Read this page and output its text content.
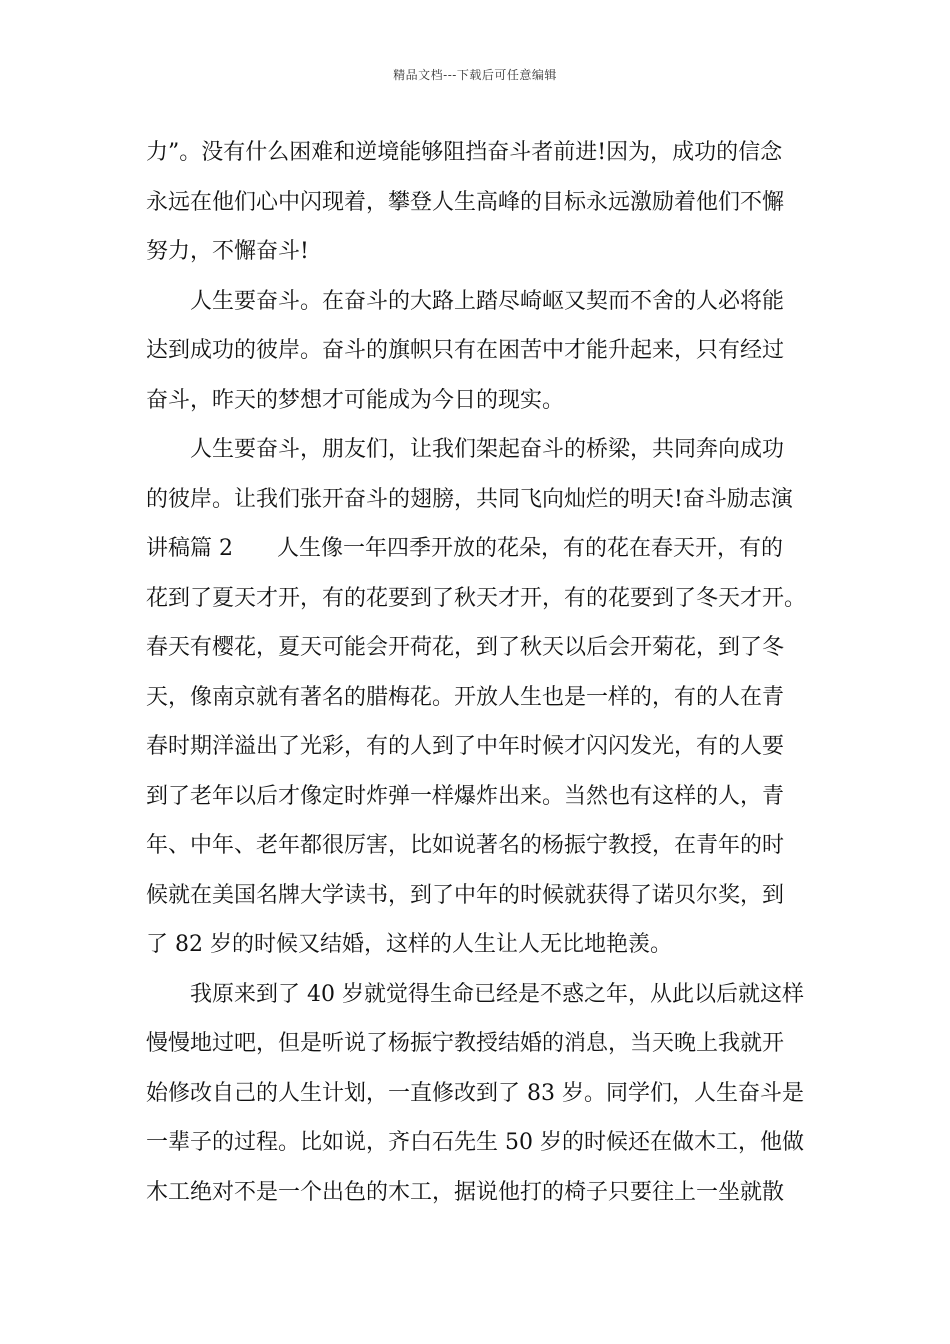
精品文档---下载后可任意编辑
力”。没有什么困难和逆境能够阻挡奋斗者前进!因为，成功的信念
永远在他们心中闪现着，攀登人生高峰的目标永远激励着他们不懈
努力，不懈奋斗!
　　人生要奋斗。在奋斗的大路上踏尽崎岖又契而不舍的人必将能
达到成功的彼岸。奋斗的旗帜只有在困苦中才能升起来，只有经过
奋斗，昨天的梦想才可能成为今日的现实。
　　人生要奋斗，朋友们，让我们架起奋斗的桥梁，共同奔向成功
的彼岸。让我们张开奋斗的翅膀，共同飞向灿烂的明天!奋斗励志演
讲稿篇 2　　人生像一年四季开放的花朵，有的花在春天开，有的
花到了夏天才开，有的花要到了秋天才开，有的花要到了冬天才开。
春天有樱花，夏天可能会开荷花，到了秋天以后会开菊花，到了冬
天，像南京就有著名的腊梅花。开放人生也是一样的，有的人在青
春时期洋溢出了光彩，有的人到了中年时候才闪闪发光，有的人要
到了老年以后才像定时炸弹一样爆炸出来。当然也有这样的人，青
年、中年、老年都很厉害，比如说著名的杨振宁教授，在青年的时
候就在美国名牌大学读书，到了中年的时候就获得了诺贝尔奖，到
了 82 岁的时候又结婚，这样的人生让人无比地艳羡。
　　我原来到了 40 岁就觉得生命已经是不惑之年，从此以后就这样
慢慢地过吧，但是听说了杨振宁教授结婚的消息，当天晚上我就开
始修改自己的人生计划，一直修改到了 83 岁。同学们，人生奋斗是
一辈子的过程。比如说，齐白石先生 50 岁的时候还在做木工，他做
木工绝对不是一个出色的木工，据说他打的椅子只要往上一坐就散
